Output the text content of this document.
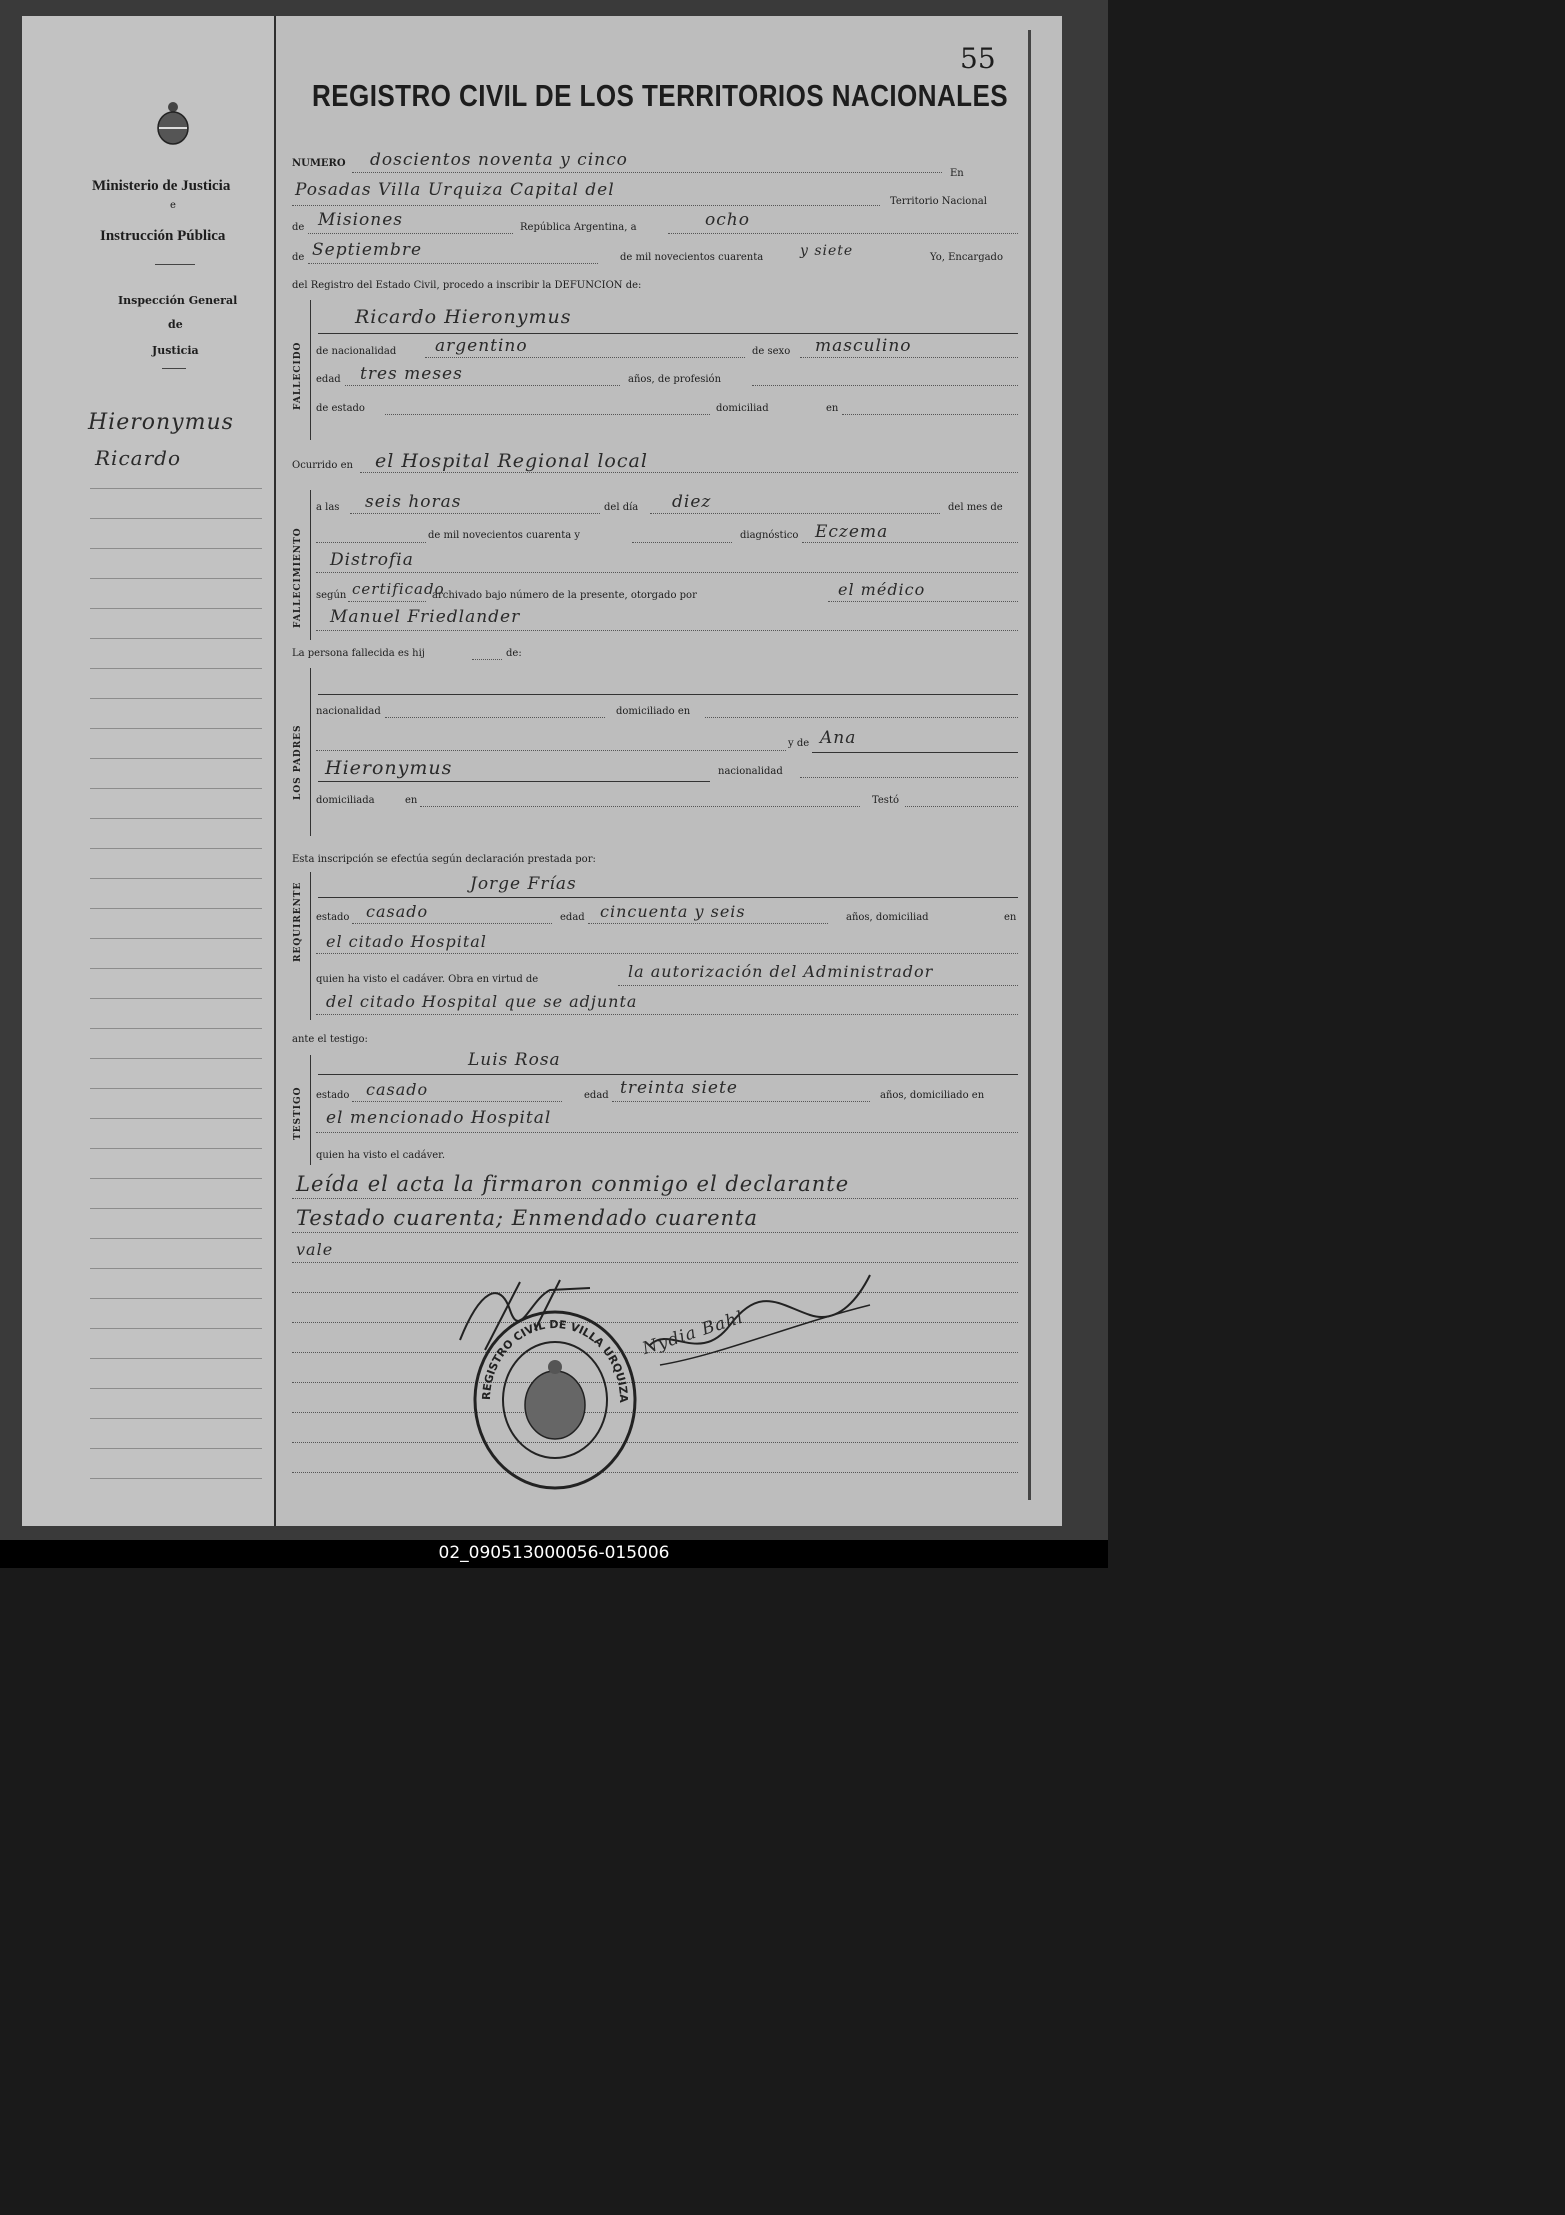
Ministerio de Justicia
e
Instrucción Pública
Inspección General
de
Justicia
Hieronymus
Ricardo
55
REGISTRO CIVIL DE LOS TERRITORIOS NACIONALES
NUMERO doscientos noventa y cinco
En
Posadas Villa Urquiza Capital del
Territorio Nacional
de Misiones	República Argentina, a	ocho
de Septiembre	de mil novecientos cuarenta	y siete	Yo, Encargado
del Registro del Estado Civil, procedo a inscribir la DEFUNCION de:
FALLECIDO
Ricardo Hieronymus
de nacionalidad argentino	de sexo masculino
edad tres meses	años, de profesión
de estado	domiciliad	en
Ocurrido en el Hospital Regional local
FALLECIMIENTO
a las seis horas	del día diez	del mes de
de mil novecientos cuarenta y	diagnóstico Eczema
Distrofia
según certificado
archivado bajo número de la presente, otorgado por	el médico
Manuel Friedlander
La persona fallecida es hij	de:
LOS PADRES
nacionalidad	domiciliado en
y de Ana
Hieronymus	nacionalidad
domiciliada	en	Testó
Esta inscripción se efectúa según declaración prestada por:
REQUIRENTE	Jorge Frías
estado casado	edad cincuenta y seis	años, domiciliad	en
el citado Hospital
quien ha visto el cadáver. Obra en virtud de	la autorización del Administrador
del citado Hospital que se adjunta
ante el testigo:
TESTIGO
Luis Rosa
estado casado	edad treinta siete	años, domiciliado en
el mencionado Hospital
quien ha visto el cadáver.
Leída el acta la firmaron conmigo el declarante
Testado cuarenta; Enmendado cuarenta
vale
REGISTRO CIVIL DE VILLA URQUIZA
Nydia Bahl
02_090513000056-015006
